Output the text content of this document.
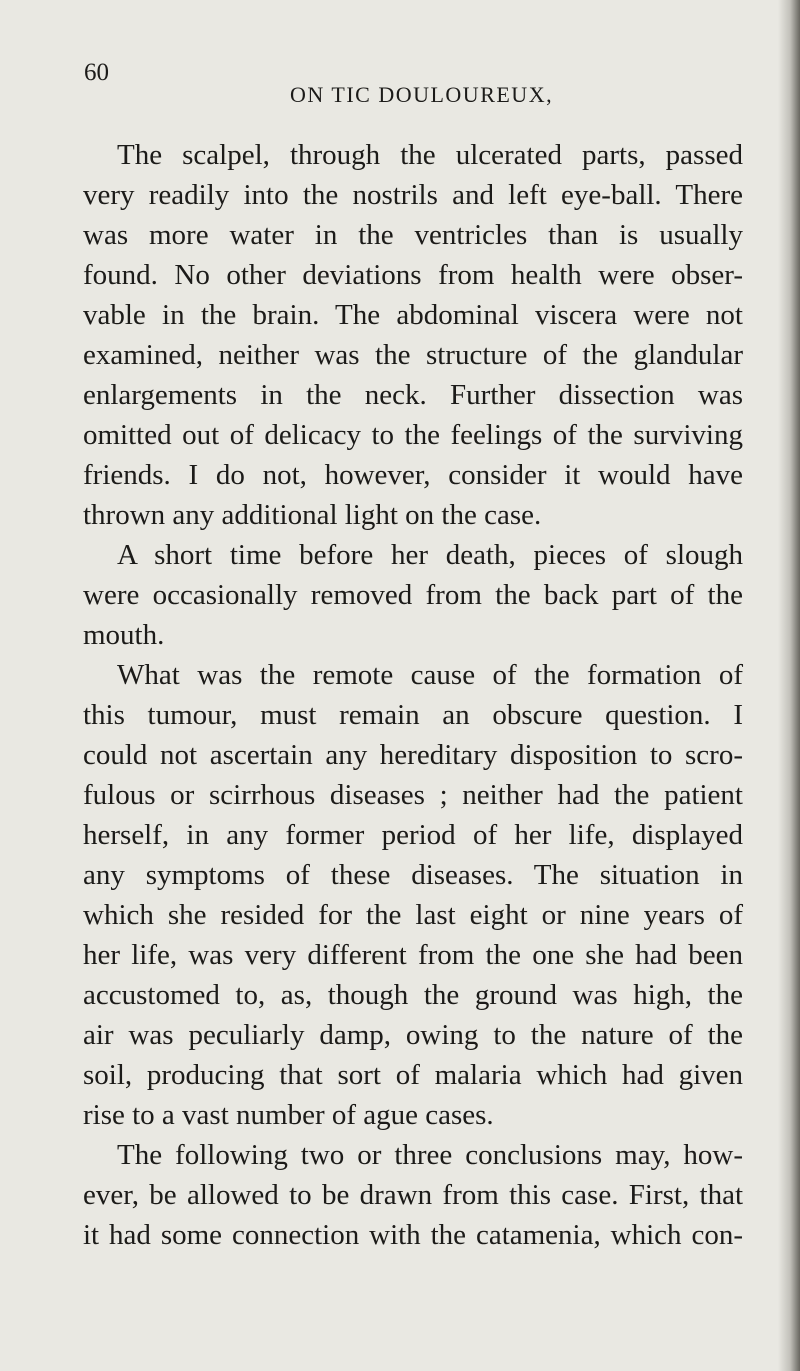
60
ON TIC DOULOUREUX,
The scalpel, through the ulcerated parts, passed
very readily into the nostrils and left eye-ball. There
was more water in the ventricles than is usually
found. No other deviations from health were obser-
vable in the brain. The abdominal viscera were not
examined, neither was the structure of the glandular
enlargements in the neck. Further dissection was
omitted out of delicacy to the feelings of the surviving
friends. I do not, however, consider it would have
thrown any additional light on the case.
A short time before her death, pieces of slough
were occasionally removed from the back part of the
mouth.
What was the remote cause of the formation of
this tumour, must remain an obscure question. I
could not ascertain any hereditary disposition to scro-
fulous or scirrhous diseases ; neither had the patient
herself, in any former period of her life, displayed
any symptoms of these diseases. The situation in
which she resided for the last eight or nine years of
her life, was very different from the one she had been
accustomed to, as, though the ground was high, the
air was peculiarly damp, owing to the nature of the
soil, producing that sort of malaria which had given
rise to a vast number of ague cases.
The following two or three conclusions may, how-
ever, be allowed to be drawn from this case. First, that
it had some connection with the catamenia, which con-
